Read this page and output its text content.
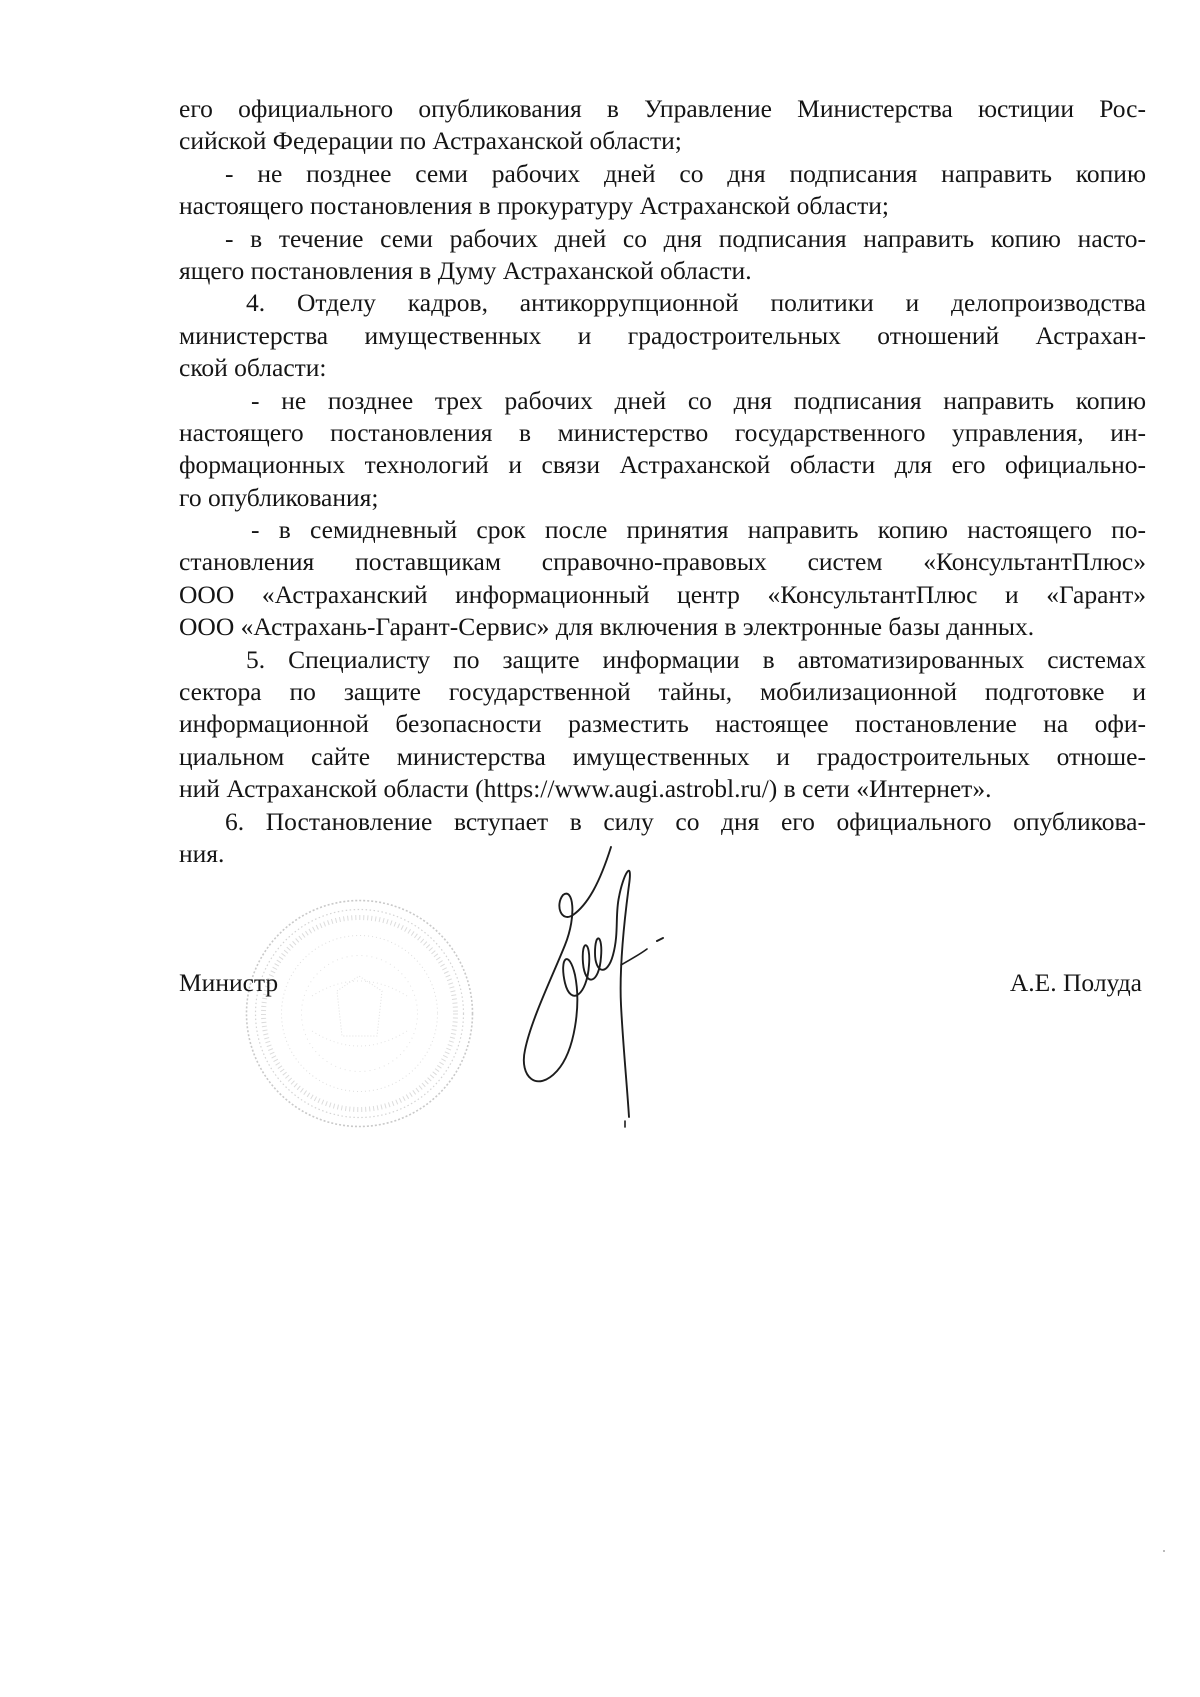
его официального опубликования в Управление Министерства юстиции Рос-
сийской Федерации по Астраханской области;
- не позднее семи рабочих дней со дня подписания направить копию
настоящего постановления в прокуратуру Астраханской области;
- в течение семи рабочих дней со дня подписания направить копию насто-
ящего постановления в Думу Астраханской области.
4. Отделу кадров, антикоррупционной политики и делопроизводства
министерства имущественных и градостроительных отношений Астрахан-
ской области:
- не позднее трех рабочих дней со дня подписания направить копию
настоящего постановления в министерство государственного управления, ин-
формационных технологий и связи Астраханской области для его официально-
го опубликования;
- в семидневный срок после принятия направить копию настоящего по-
становления поставщикам справочно-правовых систем «КонсультантПлюс»
ООО «Астраханский информационный центр «КонсультантПлюс и «Гарант»
ООО «Астрахань-Гарант-Сервис» для включения в электронные базы данных.
5. Специалисту по защите информации в автоматизированных системах
сектора по защите государственной тайны, мобилизационной подготовке и
информационной безопасности разместить настоящее постановление на офи-
циальном сайте министерства имущественных и градостроительных отноше-
ний Астраханской области (https://www.augi.astrobl.ru/) в сети «Интернет».
6. Постановление вступает в силу со дня его официального опубликова-
ния.
Министр	А.Е. Полуда
